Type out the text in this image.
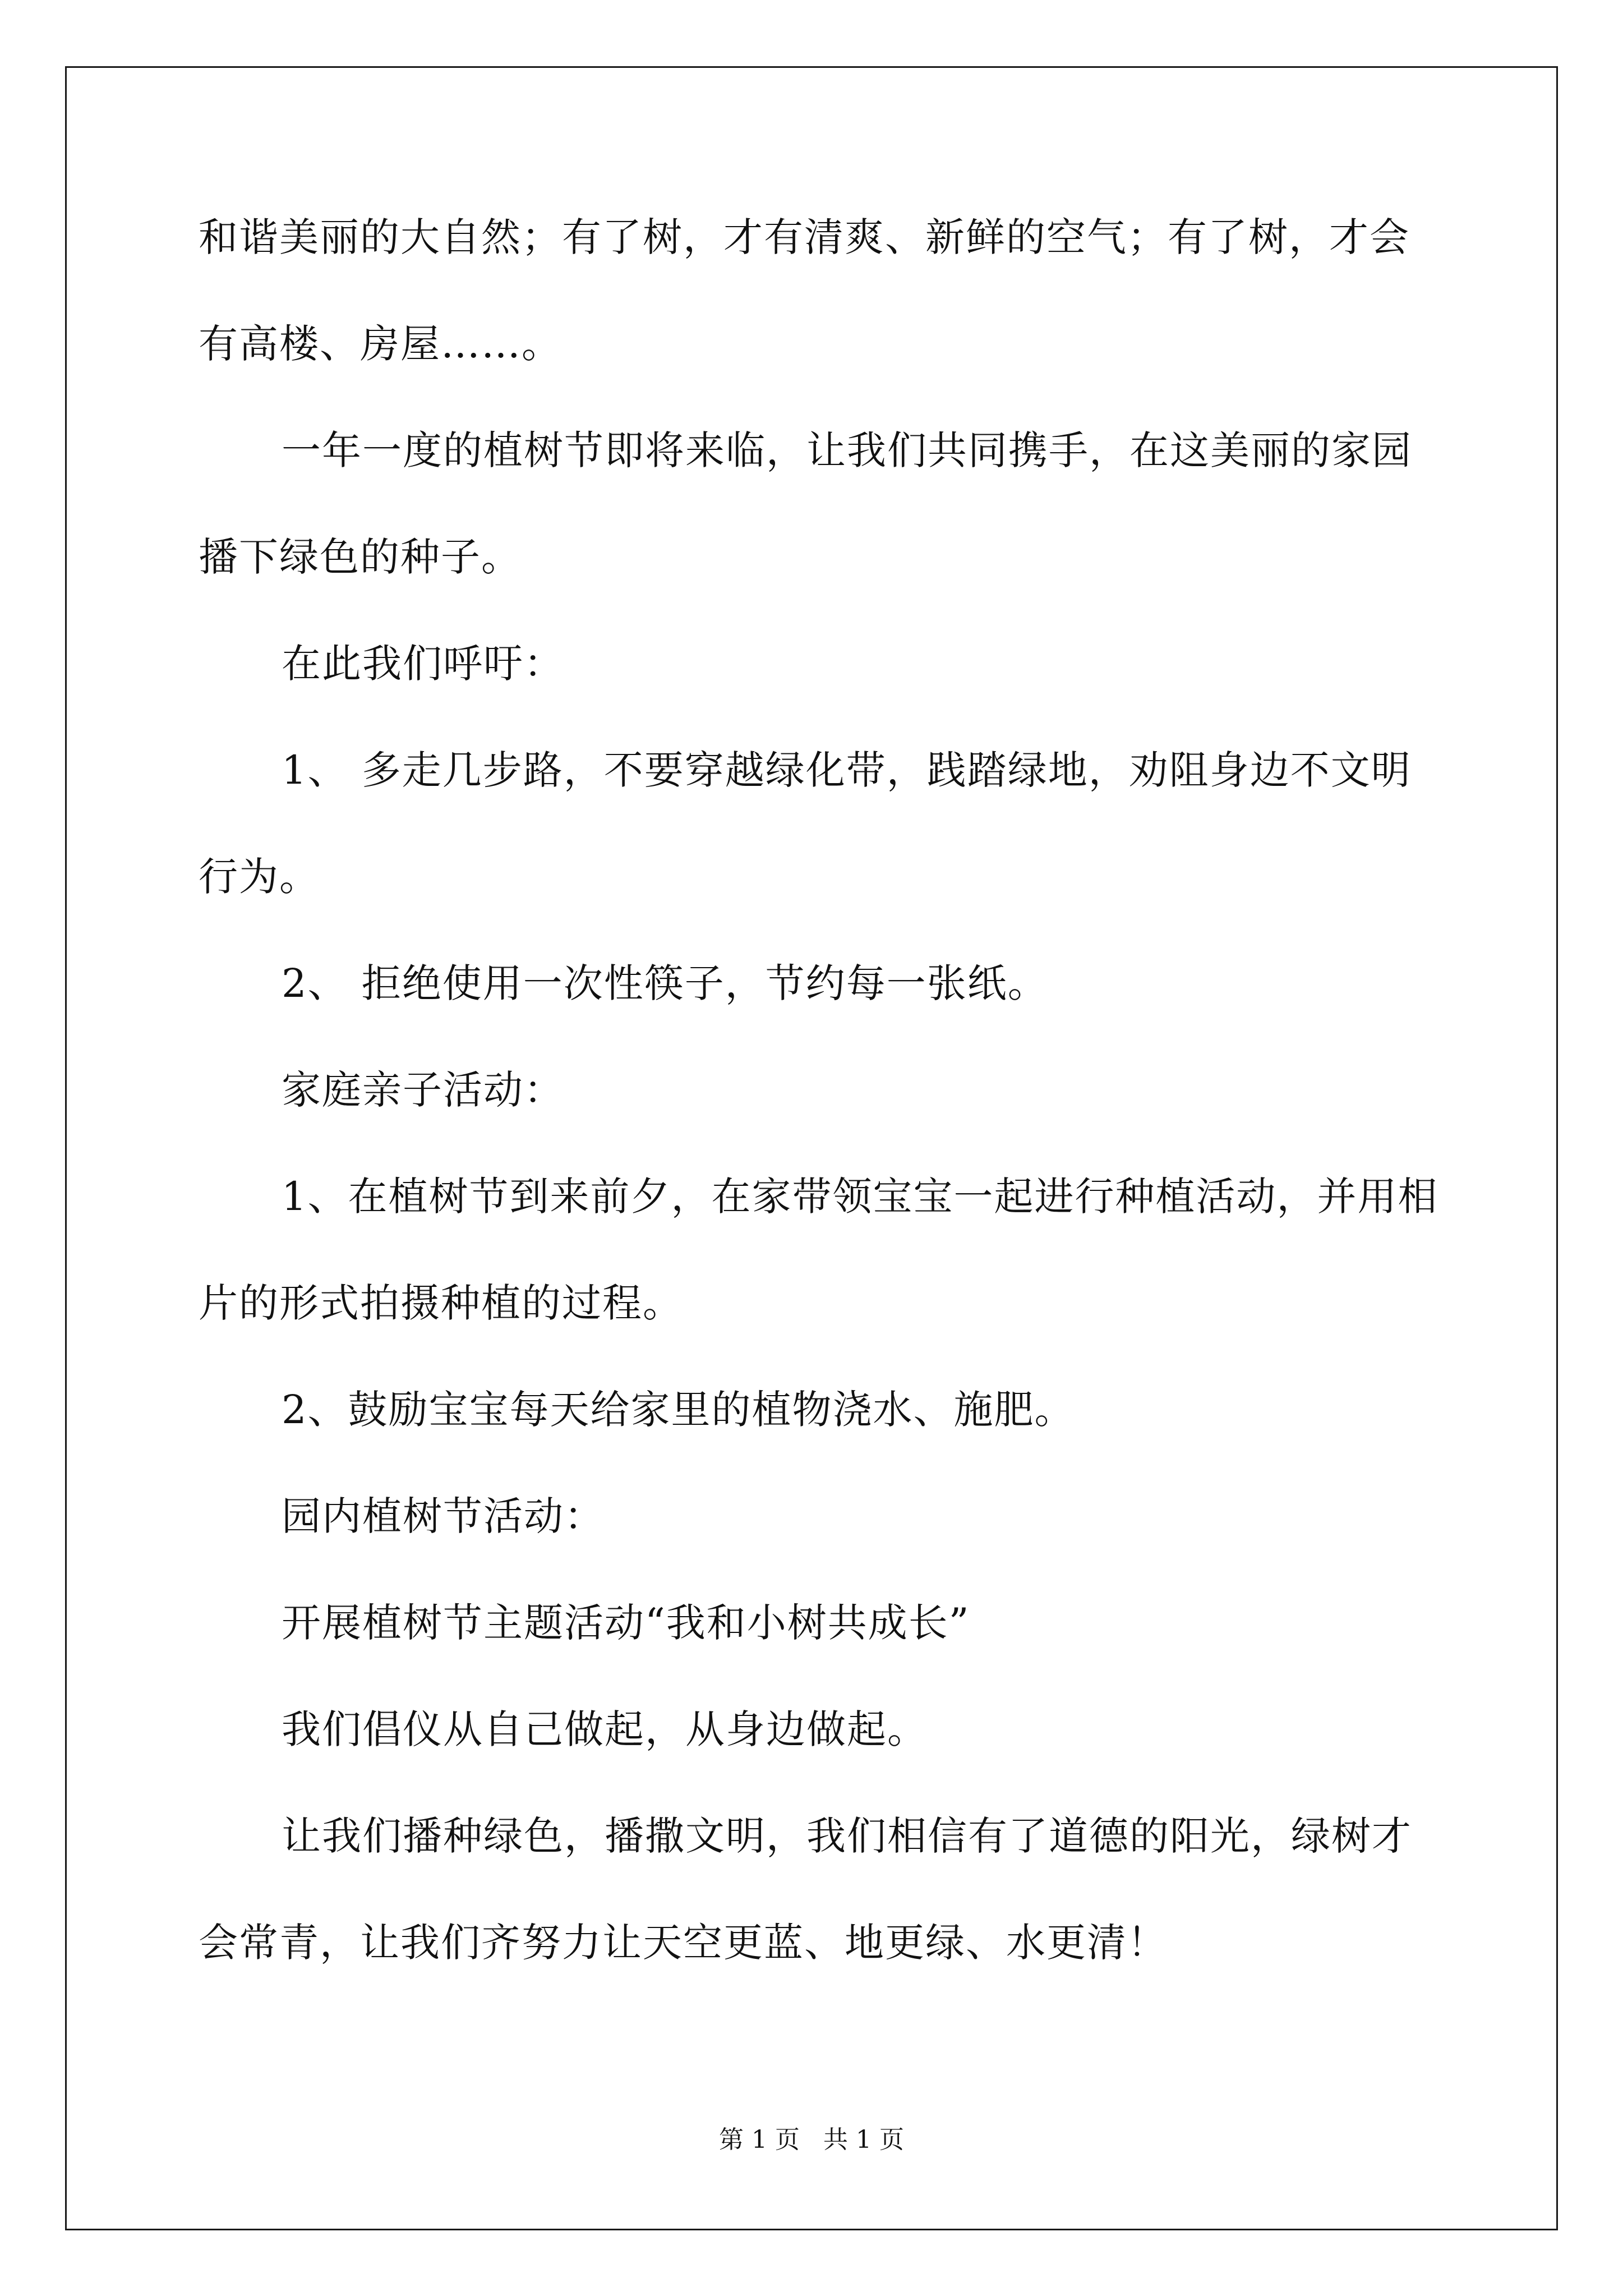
和谐美丽的大自然；有了树，才有清爽、新鲜的空气；有了树，才会
有高楼、房屋……。
一年一度的植树节即将来临，让我们共同携手，在这美丽的家园
播下绿色的种子。
在此我们呼吁：
1、 多走几步路，不要穿越绿化带，践踏绿地，劝阻身边不文明
行为。
2、 拒绝使用一次性筷子，节约每一张纸。
家庭亲子活动：
1、在植树节到来前夕，在家带领宝宝一起进行种植活动，并用相
片的形式拍摄种植的过程。
2、鼓励宝宝每天给家里的植物浇水、施肥。
园内植树节活动：
开展植树节主题活动“我和小树共成长”
我们倡仪从自己做起，从身边做起。
让我们播种绿色，播撒文明，我们相信有了道德的阳光，绿树才
会常青，让我们齐努力让天空更蓝、地更绿、水更清！
第 1 页   共 1 页
